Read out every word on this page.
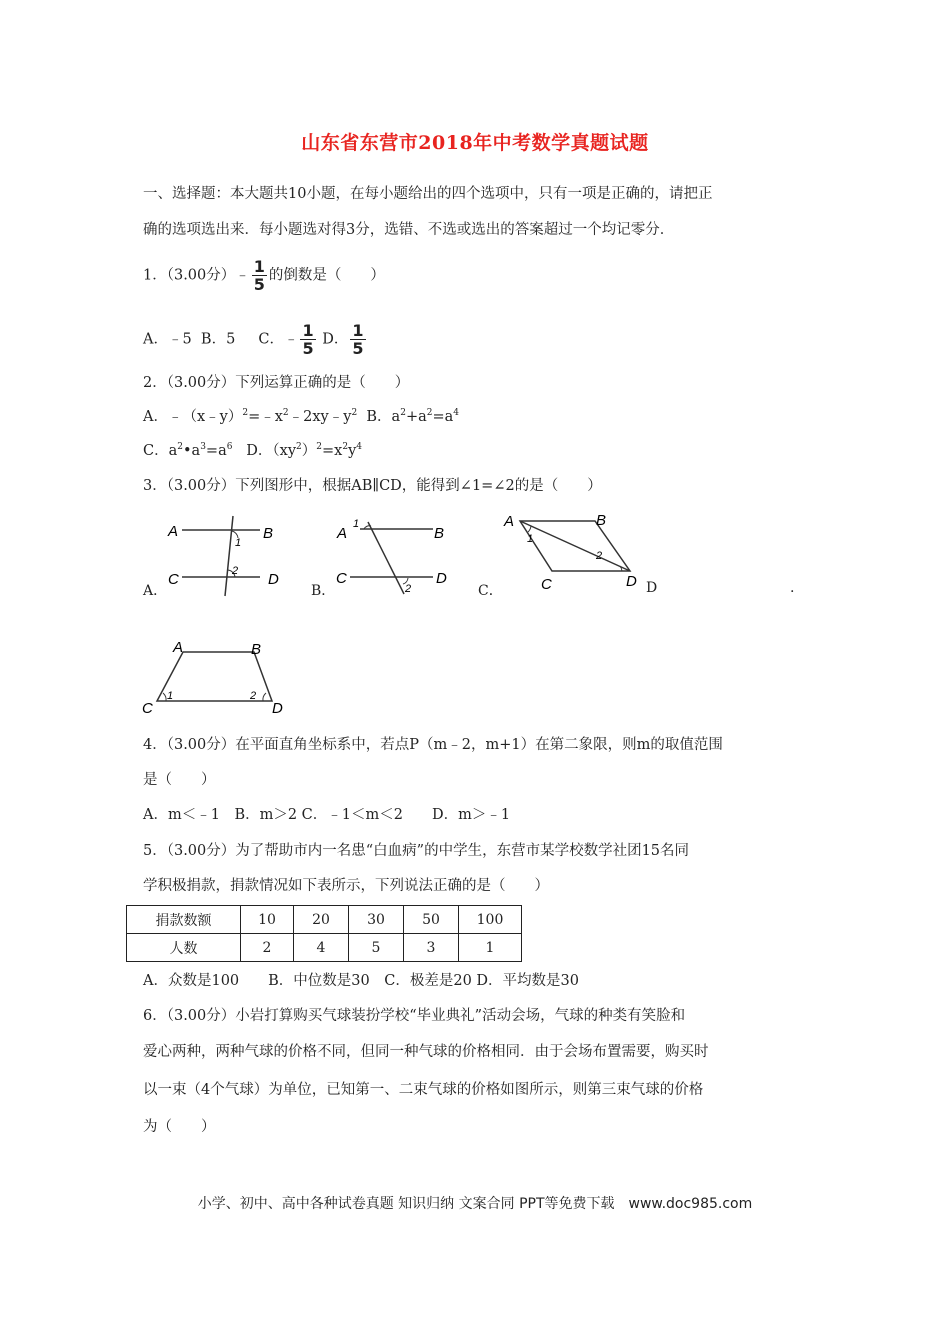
山东省东营市2018年中考数学真题试题
一、选择题：本大题共10小题，在每小题给出的四个选项中，只有一项是正确的，请把正
确的选项选出来．每小题选对得3分，选错、不选或选出的答案超过一个均记零分．
1．（3.00分）﹣ $\frac{1}{5}$ 的倒数是（　　）
A．﹣5 B．5 C．﹣ $\frac{1}{5}$ D． $\frac{1}{5}$
2．（3.00分）下列运算正确的是（　　）
A．$﹣(x﹣y)^2=﹣x^2﹣2xy﹣y^2$ B．$a^2+a^2=a^4$
C．$a^2•a^3=a^6$ D．$(xy^2)^2=x^2y^4$
3．（3.00分）下列图形中，根据AB∥CD，能得到∠1=∠2的是（　　）
A．	B．	C．	D	.
A	B
C	D
1
2
A	B
C	D
1
2
A	B
C	D
1
2
A	B
C	D
1	2
4．（3.00分）在平面直角坐标系中，若点P（m﹣2，m+1）在第二象限，则m的取值范围
是（　　）
A．m＜﹣1　B．m＞2 C．﹣1＜m＜2　　D．m＞﹣1
5．（3.00分）为了帮助市内一名患“白血病”的中学生，东营市某学校数学社团15名同
学积极捐款，捐款情况如下表所示，下列说法正确的是（　　）
捐款数额	10	20	30	50	100
人数	2	4	5	3	1
A．众数是100　　B．中位数是30　C．极差是20 D．平均数是30
6．（3.00分）小岩打算购买气球装扮学校“毕业典礼”活动会场，气球的种类有笑脸和
爱心两种，两种气球的价格不同，但同一种气球的价格相同．由于会场布置需要，购买时
以一束（4个气球）为单位，已知第一、二束气球的价格如图所示，则第三束气球的价格
为（　　）
小学、初中、高中各种试卷真题 知识归纳 文案合同 PPT等免费下载　www.doc985.com
